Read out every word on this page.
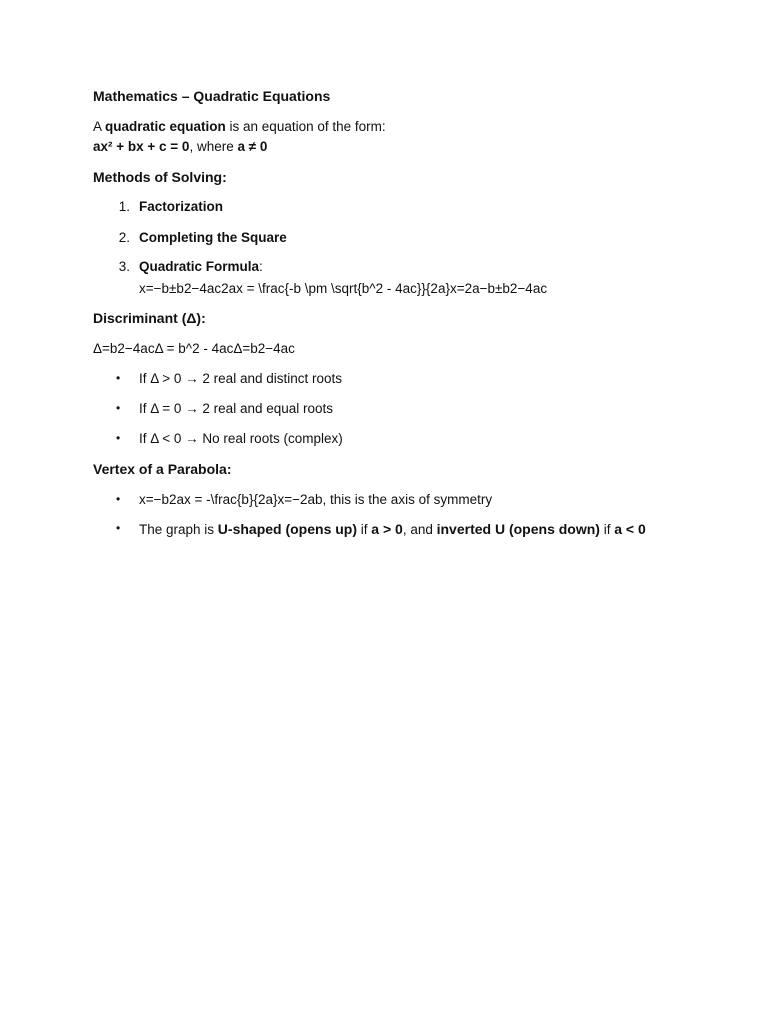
Mathematics – Quadratic Equations
A quadratic equation is an equation of the form:
ax² + bx + c = 0, where a ≠ 0
Methods of Solving:
1. Factorization
2. Completing the Square
3. Quadratic Formula:
x=−b±b2−4ac2ax = \frac{-b \pm \sqrt{b^2 - 4ac}}{2a}x=2a−b±b2−4ac
Discriminant (Δ):
Δ=b2−4acΔ = b^2 - 4acΔ=b2−4ac
• If Δ > 0 → 2 real and distinct roots
• If Δ = 0 → 2 real and equal roots
• If Δ < 0 → No real roots (complex)
Vertex of a Parabola:
• x=−b2ax = -\frac{b}{2a}x=−2ab, this is the axis of symmetry
• The graph is U-shaped (opens up) if a > 0, and inverted U (opens down) if a < 0
